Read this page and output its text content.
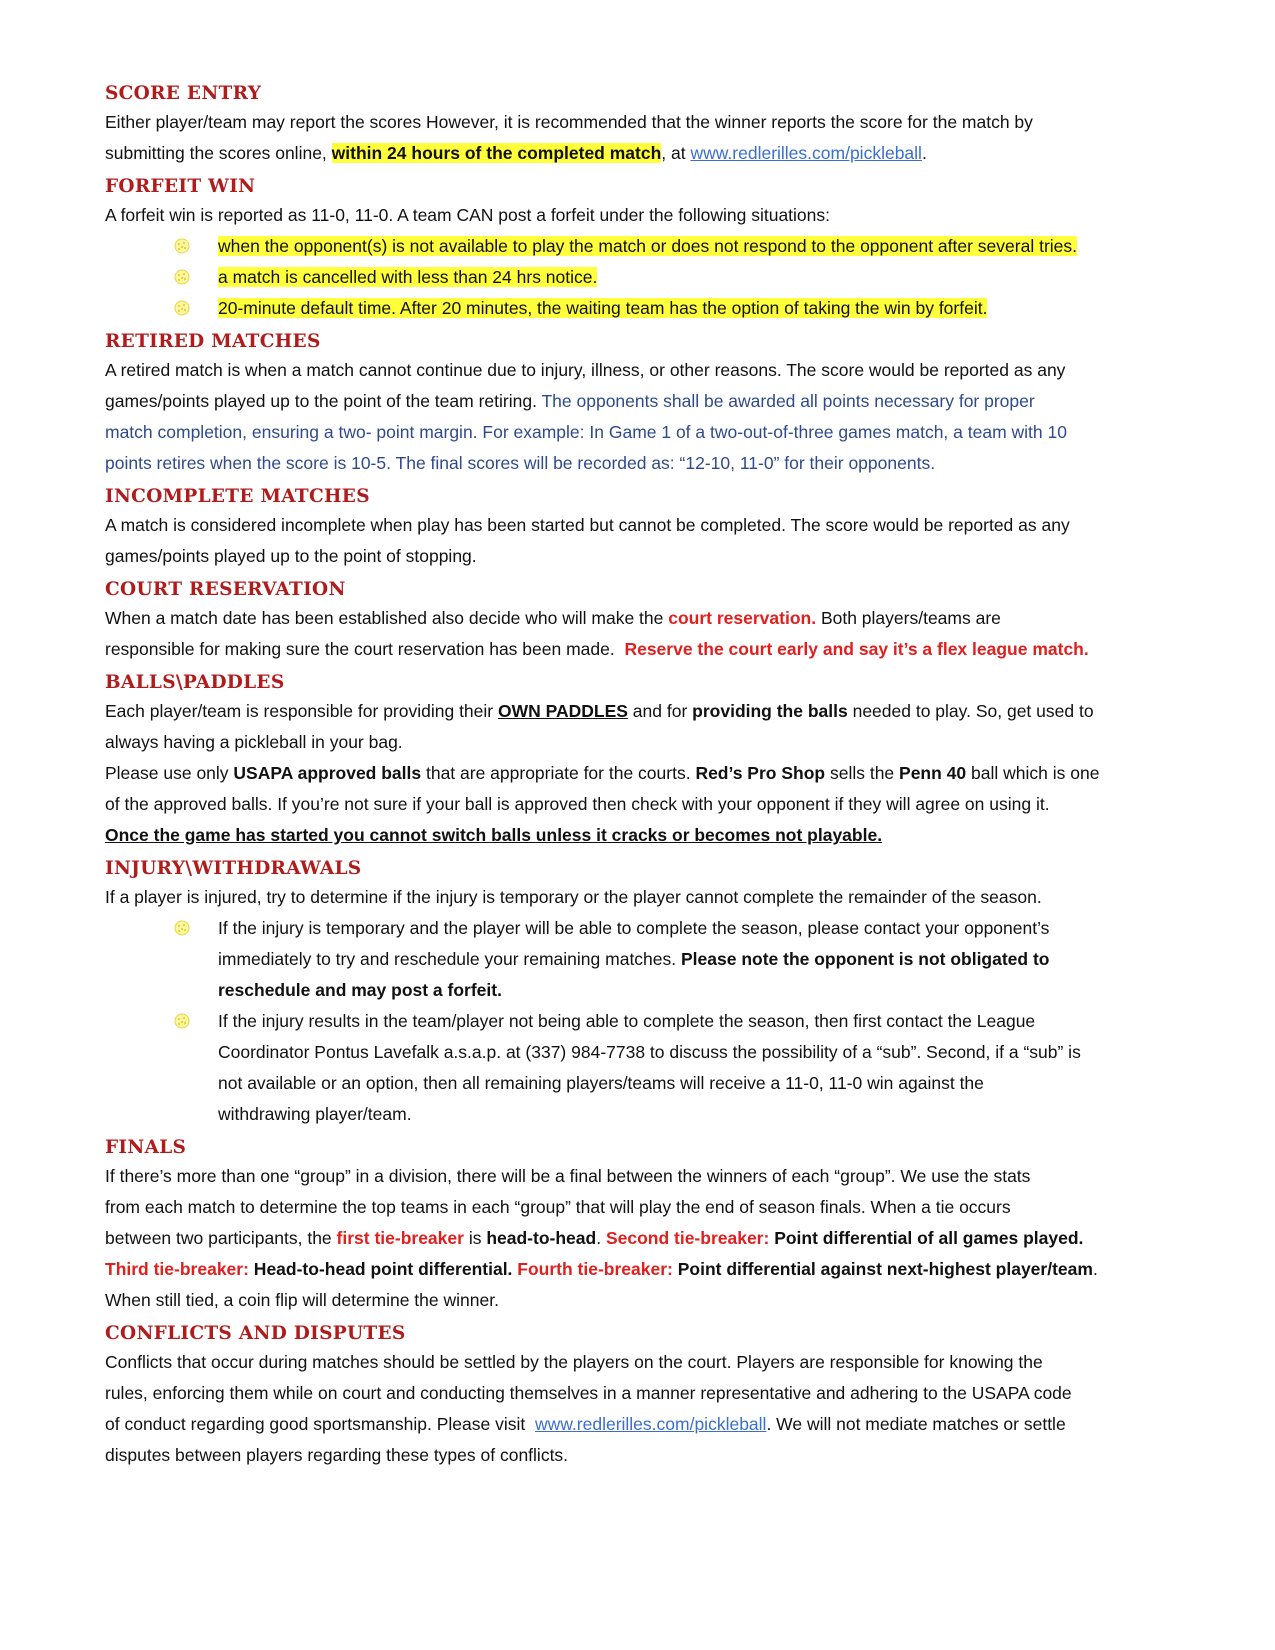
SCORE ENTRY

Either player/team may report the scores However, it is recommended that the winner reports the score for the match by

submitting the scores online, within 24 hours of the completed match, at www.redlerilles.com/pickleball.

FORFEIT WIN

A forfeit win is reported as 11-0, 11-0. A team CAN post a forfeit under the following situations:

when the opponent(s) is not available to play the match or does not respond to the opponent after several tries.
a match is cancelled with less than 24 hrs notice.
20-minute default time. After 20 minutes, the waiting team has the option of taking the win by forfeit.
RETIRED MATCHES

A retired match is when a match cannot continue due to injury, illness, or other reasons. The score would be reported as any

games/points played up to the point of the team retiring. The opponents shall be awarded all points necessary for proper

match completion, ensuring a two- point margin. For example: In Game 1 of a two-out-of-three games match, a team with 10

points retires when the score is 10-5. The final scores will be recorded as: “12-10, 11-0” for their opponents.

INCOMPLETE MATCHES

A match is considered incomplete when play has been started but cannot be completed. The score would be reported as any

games/points played up to the point of stopping.

COURT RESERVATION

When a match date has been established also decide who will make the court reservation. Both players/teams are

responsible for making sure the court reservation has been made.  Reserve the court early and say it’s a flex league match.

BALLS\PADDLES

Each player/team is responsible for providing their OWN PADDLES and for providing the balls needed to play. So, get used to

always having a pickleball in your bag.

Please use only USAPA approved balls that are appropriate for the courts. Red’s Pro Shop sells the Penn 40 ball which is one

of the approved balls. If you’re not sure if your ball is approved then check with your opponent if they will agree on using it.

Once the game has started you cannot switch balls unless it cracks or becomes not playable.

INJURY\WITHDRAWALS

If a player is injured, try to determine if the injury is temporary or the player cannot complete the remainder of the season.

If the injury is temporary and the player will be able to complete the season, please contact your opponent’s
immediately to try and reschedule your remaining matches. Please note the opponent is not obligated to
reschedule and may post a forfeit.
If the injury results in the team/player not being able to complete the season, then first contact the League
Coordinator Pontus Lavefalk a.s.a.p. at (337) 984-7738 to discuss the possibility of a “sub”. Second, if a “sub” is
not available or an option, then all remaining players/teams will receive a 11-0, 11-0 win against the
withdrawing player/team.
FINALS

If there’s more than one “group” in a division, there will be a final between the winners of each “group”. We use the stats

from each match to determine the top teams in each “group” that will play the end of season finals. When a tie occurs

between two participants, the first tie-breaker is head-to-head. Second tie-breaker: Point differential of all games played.

Third tie-breaker: Head-to-head point differential. Fourth tie-breaker: Point differential against next-highest player/team.

When still tied, a coin flip will determine the winner.

CONFLICTS AND DISPUTES

Conflicts that occur during matches should be settled by the players on the court. Players are responsible for knowing the

rules, enforcing them while on court and conducting themselves in a manner representative and adhering to the USAPA code

of conduct regarding good sportsmanship. Please visit  www.redlerilles.com/pickleball. We will not mediate matches or settle

disputes between players regarding these types of conflicts.
